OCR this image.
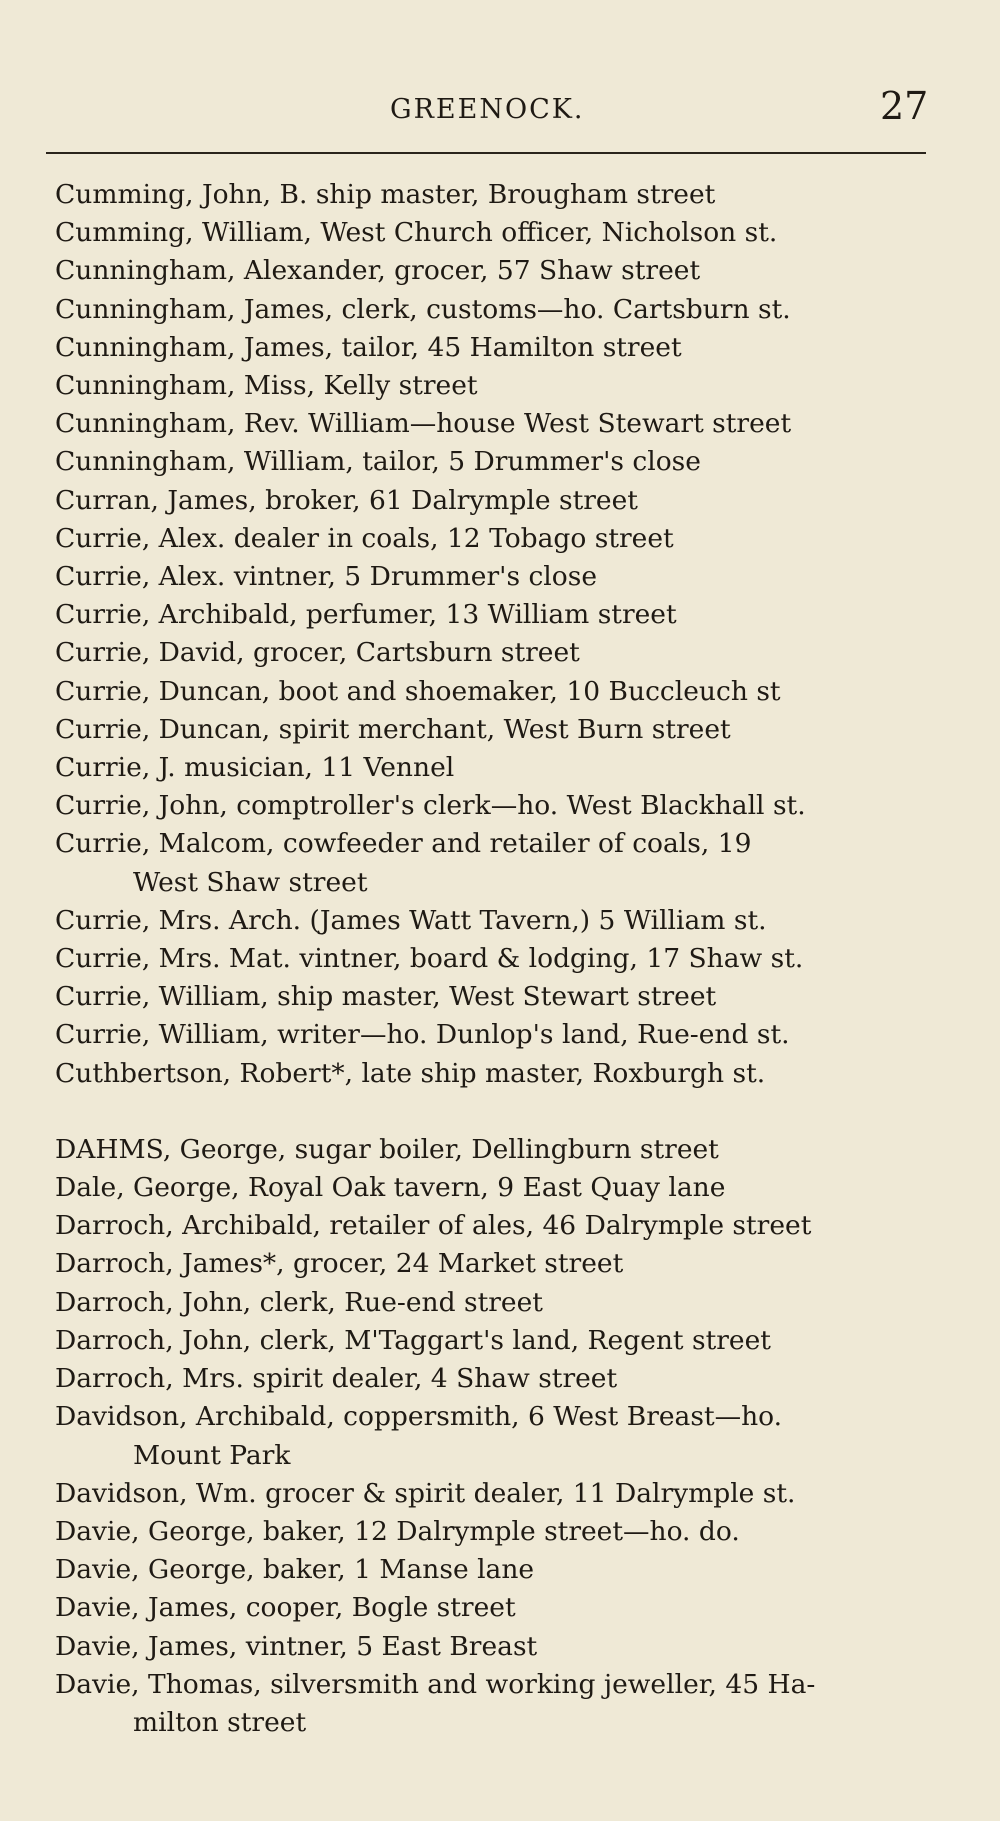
GREENOCK.	27
Cumming, John, B. ship master, Brougham street
Cumming, William, West Church officer, Nicholson st.
Cunningham, Alexander, grocer, 57 Shaw street
Cunningham, James, clerk, customs—ho. Cartsburn st.
Cunningham, James, tailor, 45 Hamilton street
Cunningham, Miss, Kelly street
Cunningham, Rev. William—house West Stewart street
Cunningham, William, tailor, 5 Drummer's close
Curran, James, broker, 61 Dalrymple street
Currie, Alex. dealer in coals, 12 Tobago street
Currie, Alex. vintner, 5 Drummer's close
Currie, Archibald, perfumer, 13 William street
Currie, David, grocer, Cartsburn street
Currie, Duncan, boot and shoemaker, 10 Buccleuch st
Currie, Duncan, spirit merchant, West Burn street
Currie, J. musician, 11 Vennel
Currie, John, comptroller's clerk—ho. West Blackhall st.
Currie, Malcom, cowfeeder and retailer of coals, 19
West Shaw street
Currie, Mrs. Arch. (James Watt Tavern,) 5 William st.
Currie, Mrs. Mat. vintner, board & lodging, 17 Shaw st.
Currie, William, ship master, West Stewart street
Currie, William, writer—ho. Dunlop's land, Rue-end st.
Cuthbertson, Robert*, late ship master, Roxburgh st.
DAHMS, George, sugar boiler, Dellingburn street
Dale, George, Royal Oak tavern, 9 East Quay lane
Darroch, Archibald, retailer of ales, 46 Dalrymple street
Darroch, James*, grocer, 24 Market street
Darroch, John, clerk, Rue-end street
Darroch, John, clerk, M'Taggart's land, Regent street
Darroch, Mrs. spirit dealer, 4 Shaw street
Davidson, Archibald, coppersmith, 6 West Breast—ho.
Mount Park
Davidson, Wm. grocer & spirit dealer, 11 Dalrymple st.
Davie, George, baker, 12 Dalrymple street—ho. do.
Davie, George, baker, 1 Manse lane
Davie, James, cooper, Bogle street
Davie, James, vintner, 5 East Breast
Davie, Thomas, silversmith and working jeweller, 45 Ha-
milton street
